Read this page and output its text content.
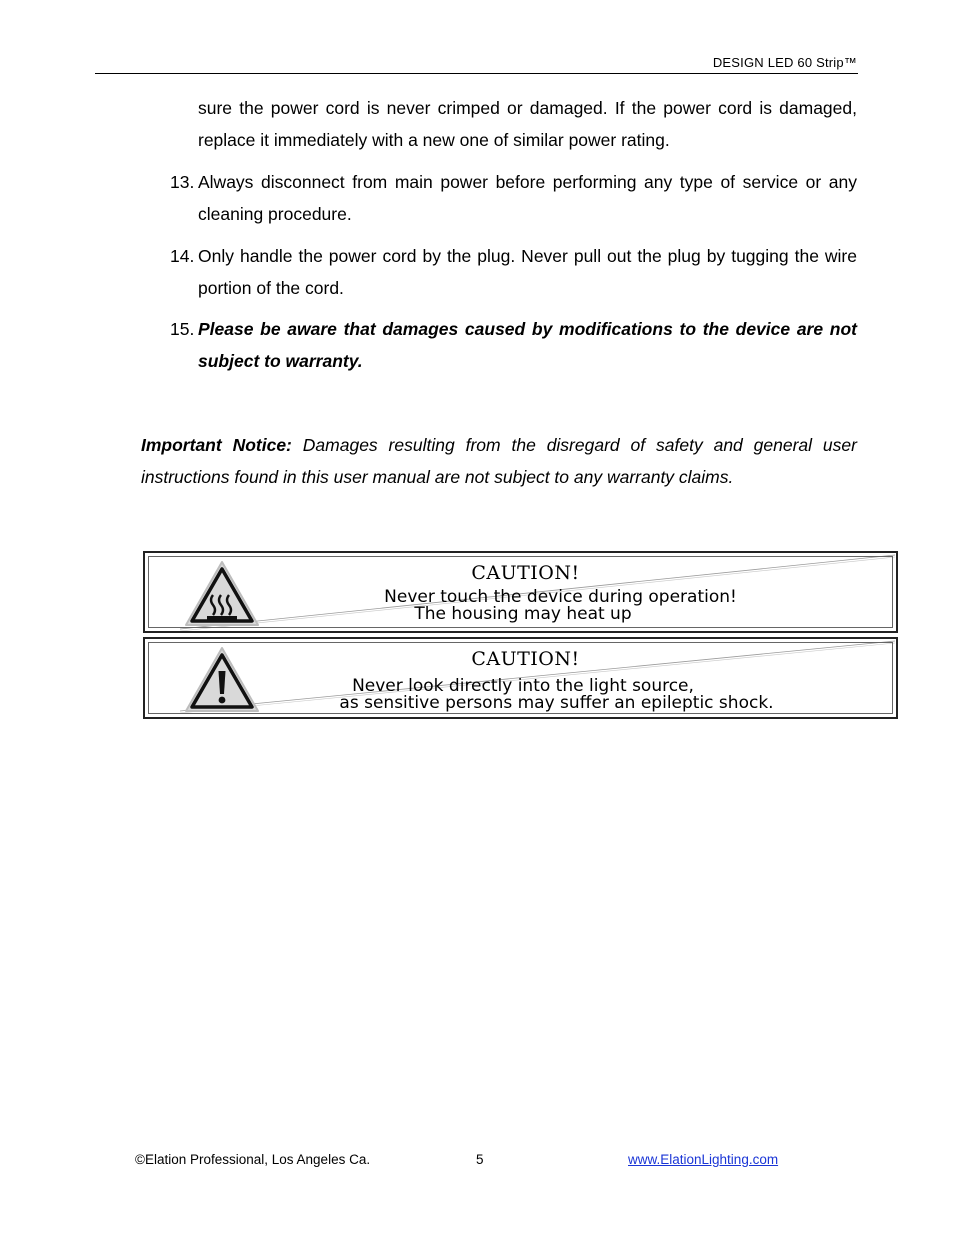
DESIGN LED 60 Strip™
sure the power cord is never crimped or damaged. If the power cord is damaged, replace it immediately with a new one of similar power rating.
13. Always disconnect from main power before performing any type of service or any cleaning procedure.
14. Only handle the power cord by the plug. Never pull out the plug by tugging the wire portion of the cord.
15. Please be aware that damages caused by modifications to the device are not subject to warranty.
Important Notice: Damages resulting from the disregard of safety and general user instructions found in this user manual are not subject to any warranty claims.
CAUTION!
Never touch the device during operation!
The housing may heat up
CAUTION!
Never look directly into the light source,
as sensitive persons may suffer an epileptic shock.
©Elation Professional, Los Angeles Ca.	5	www.ElationLighting.com
